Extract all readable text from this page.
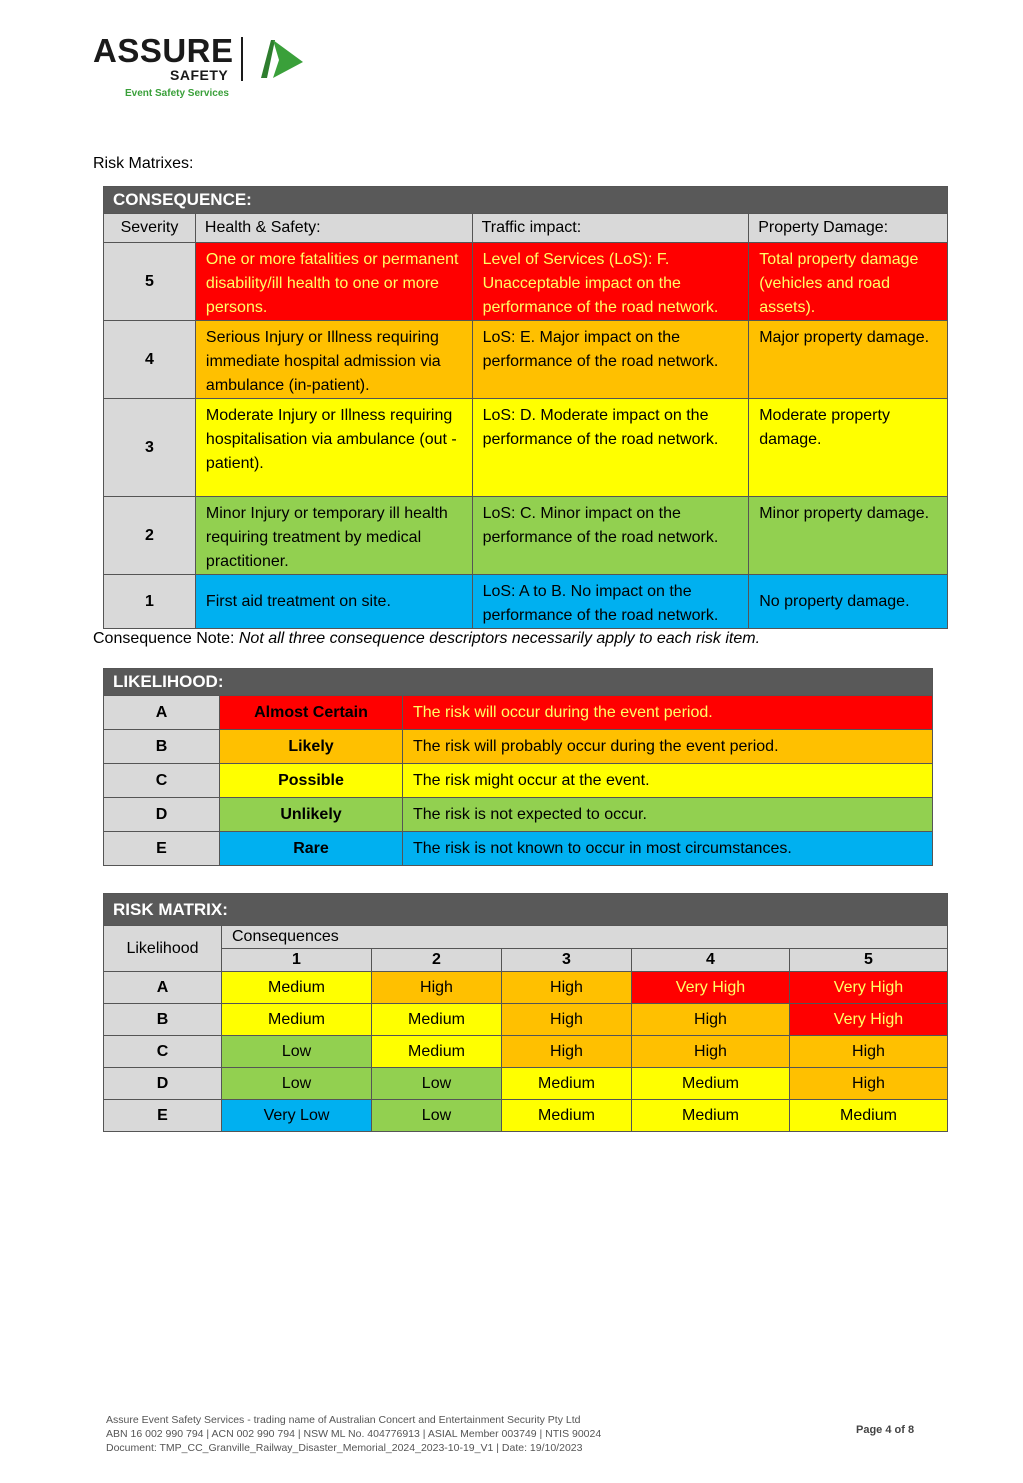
ASSURE
SAFETY
Event Safety Services
Risk Matrixes:
CONSEQUENCE:			
Severity	Health & Safety:	Traffic impact:	Property Damage:
5	One or more fatalities or permanent disability/ill health to one or more persons.	Level of Services (LoS): F. Unacceptable impact on the performance of the road network.	Total property damage (vehicles and road assets).
4	Serious Injury or Illness requiring immediate hospital admission via ambulance (in-patient).	LoS: E. Major impact on the performance of the road network.	Major property damage.
3	Moderate Injury or Illness requiring hospitalisation via ambulance (out -patient).	LoS: D. Moderate impact on the performance of the road network.	Moderate property damage.
2	Minor Injury or temporary ill health requiring treatment by medical practitioner.	LoS: C. Minor impact on the performance of the road network.	Minor property damage.
1	First aid treatment on site.	LoS: A to B. No impact on the performance of the road network.	No property damage.
Consequence Note: Not all three consequence descriptors necessarily apply to each risk item.
LIKELIHOOD:		
A	Almost Certain	The risk will occur during the event period.
B	Likely	The risk will probably occur during the event period.
C	Possible	The risk might occur at the event.
D	Unlikely	The risk is not expected to occur.
E	Rare	The risk is not known to occur in most circumstances.
RISK MATRIX:					
Likelihood	Consequences				
	1	2	3	4	5
A	Medium	High	High	Very High	Very High
B	Medium	Medium	High	High	Very High
C	Low	Medium	High	High	High
D	Low	Low	Medium	Medium	High
E	Very Low	Low	Medium	Medium	Medium
Assure Event Safety Services - trading name of Australian Concert and Entertainment Security Pty Ltd
ABN 16 002 990 794 | ACN 002 990 794 | NSW ML No. 404776913 | ASIAL Member 003749 | NTIS 90024
Document: TMP_CC_Granville_Railway_Disaster_Memorial_2024_2023-10-19_V1 | Date: 19/10/2023
Page 4 of 8
